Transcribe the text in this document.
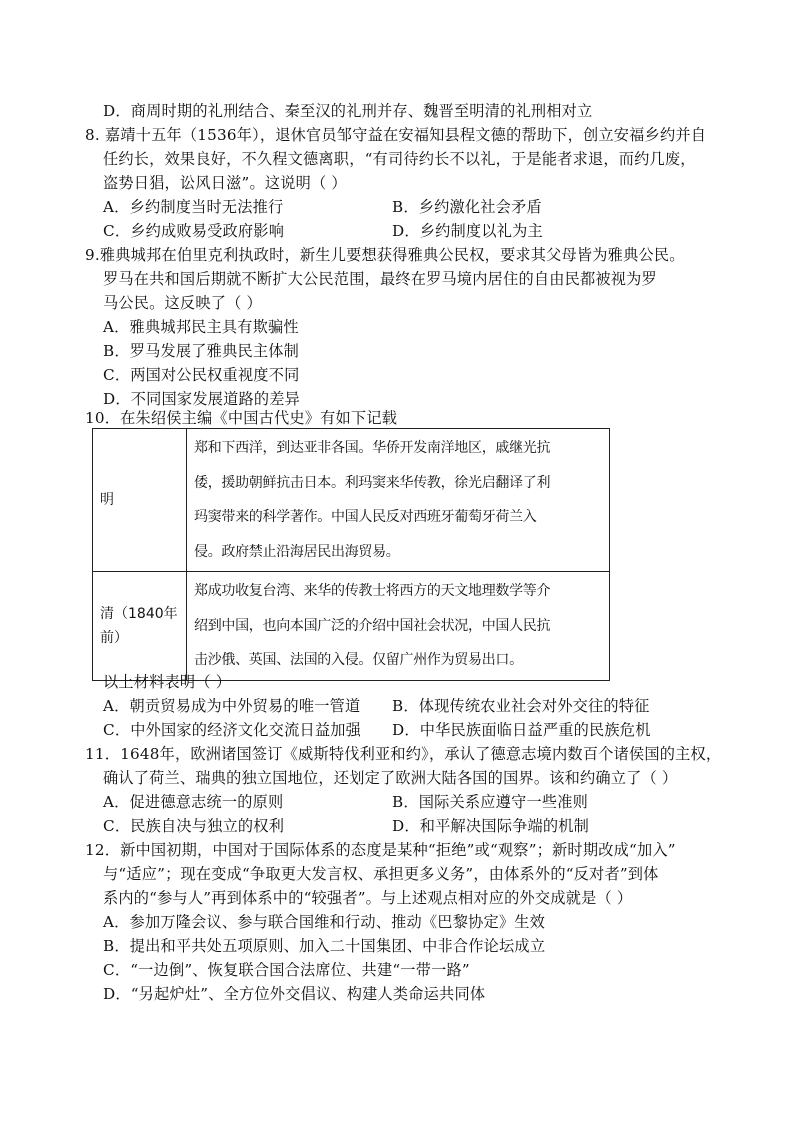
D．商周时期的礼刑结合、秦至汉的礼刑并存、魏晋至明清的礼刑相对立
8. 嘉靖十五年（1536年），退休官员邹守益在安福知县程文德的帮助下，创立安福乡约并自
任约长，效果良好，不久程文德离职，“有司待约长不以礼，于是能者求退，而约几废，
盗势日猖，讼风日滋”。这说明（ ）
A．乡约制度当时无法推行	B．乡约激化社会矛盾
C．乡约成败易受政府影响	D．乡约制度以礼为主
9.雅典城邦在伯里克利执政时，新生儿要想获得雅典公民权，要求其父母皆为雅典公民。
罗马在共和国后期就不断扩大公民范围，最终在罗马境内居住的自由民都被视为罗
马公民。这反映了（ ）
A．雅典城邦民主具有欺骗性
B．罗马发展了雅典民主体制
C．两国对公民权重视度不同
D．不同国家发展道路的差异
10．在朱绍侯主编《中国古代史》有如下记载
明	郑和下西洋，到达亚非各国。华侨开发南洋地区，戚继光抗
倭，援助朝鲜抗击日本。利玛窦来华传教，徐光启翻译了利
玛窦带来的科学著作。中国人民反对西班牙葡萄牙荷兰入
侵。政府禁止沿海居民出海贸易。

清（1840年前）	郑成功收复台湾、来华的传教士将西方的天文地理数学等介
绍到中国，也向本国广泛的介绍中国社会状况，中国人民抗
击沙俄、英国、法国的入侵。仅留广州作为贸易出口。
以上材料表明（ ）
A．朝贡贸易成为中外贸易的唯一管道 B．体现传统农业社会对外交往的特征
C．中外国家的经济文化交流日益加强 D．中华民族面临日益严重的民族危机
11．1648年，欧洲诸国签订《威斯特伐利亚和约》，承认了德意志境内数百个诸侯国的主权，
确认了荷兰、瑞典的独立国地位，还划定了欧洲大陆各国的国界。该和约确立了（ ）
A．促进德意志统一的原则	B．国际关系应遵守一些准则
C．民族自决与独立的权利	D．和平解决国际争端的机制
12．新中国初期，中国对于国际体系的态度是某种“拒绝”或“观察”；新时期改成“加入”
与“适应”；现在变成“争取更大发言权、承担更多义务”，由体系外的“反对者”到体
系内的“参与人”再到体系中的“较强者”。与上述观点相对应的外交成就是（ ）
A．参加万隆会议、参与联合国维和行动、推动《巴黎协定》生效
B．提出和平共处五项原则、加入二十国集团、中非合作论坛成立
C．“一边倒”、恢复联合国合法席位、共建“一带一路”
D．“另起炉灶”、全方位外交倡议、构建人类命运共同体
